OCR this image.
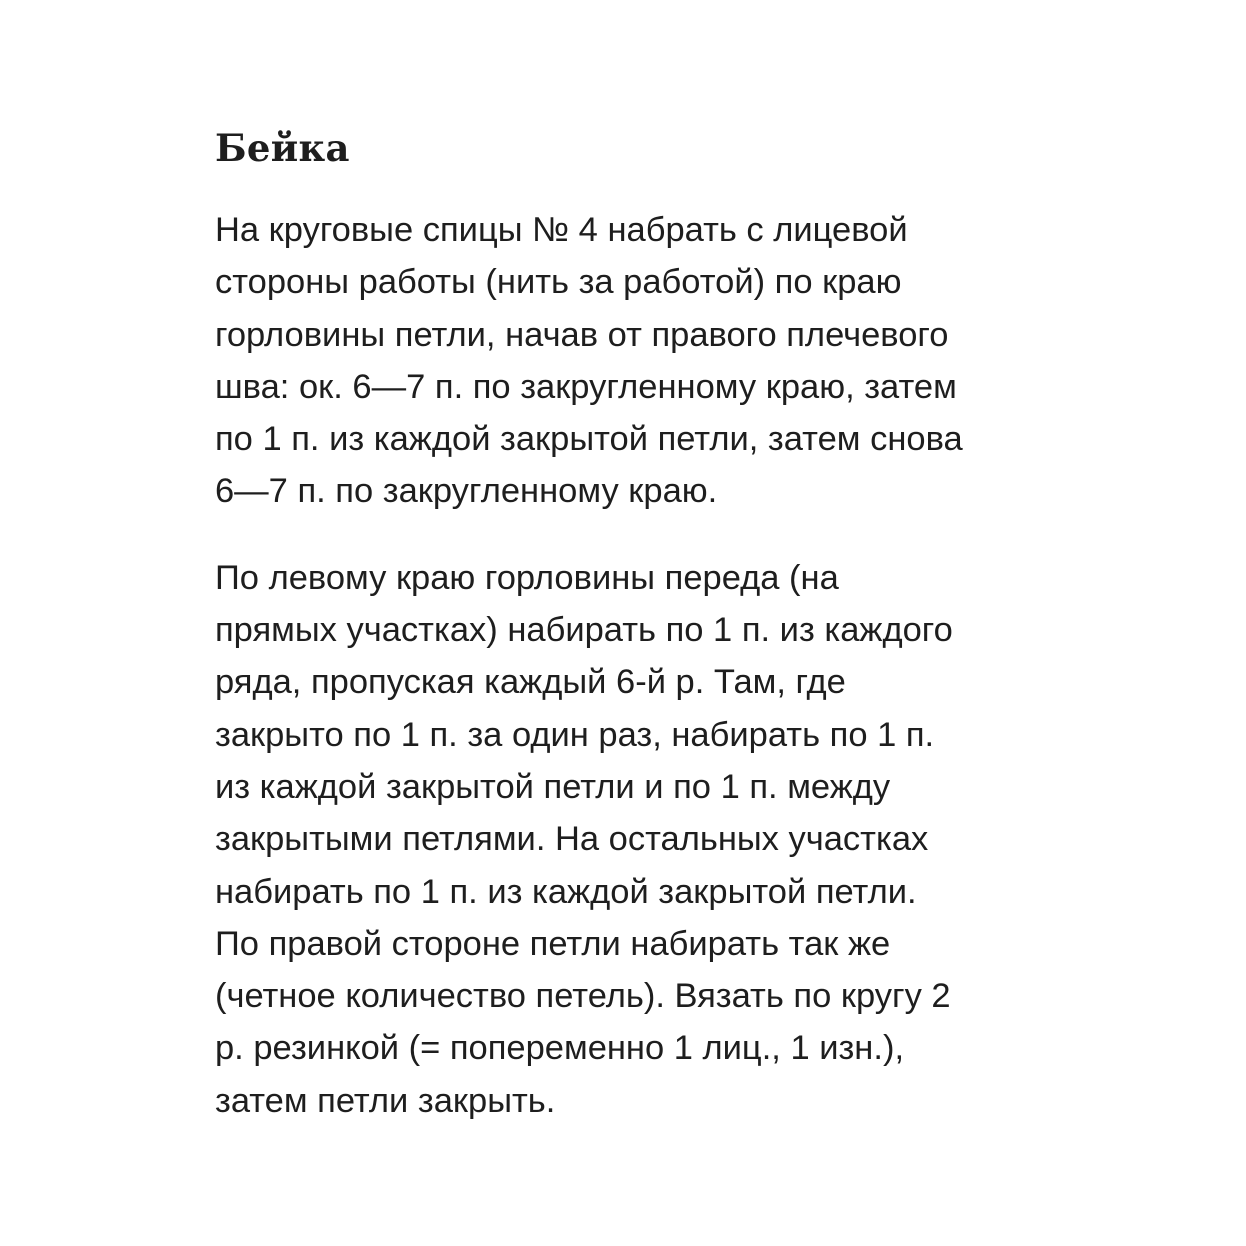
Бейка

На круговые спицы № 4 набрать с лицевой
стороны работы (нить за работой) по краю
горловины петли, начав от правого плечевого
шва: ок. 6—7 п. по закругленному краю, затем
по 1 п. из каждой закрытой петли, затем снова
6—7 п. по закругленному краю.

По левому краю горловины переда (на
прямых участках) набирать по 1 п. из каждого
ряда, пропуская каждый 6-й р. Там, где
закрыто по 1 п. за один раз, набирать по 1 п.
из каждой закрытой петли и по 1 п. между
закрытыми петлями. На остальных участках
набирать по 1 п. из каждой закрытой петли.
По правой стороне петли набирать так же
(четное количество петель). Вязать по кругу 2
р. резинкой (= попеременно 1 лиц., 1 изн.),
затем петли закрыть.
